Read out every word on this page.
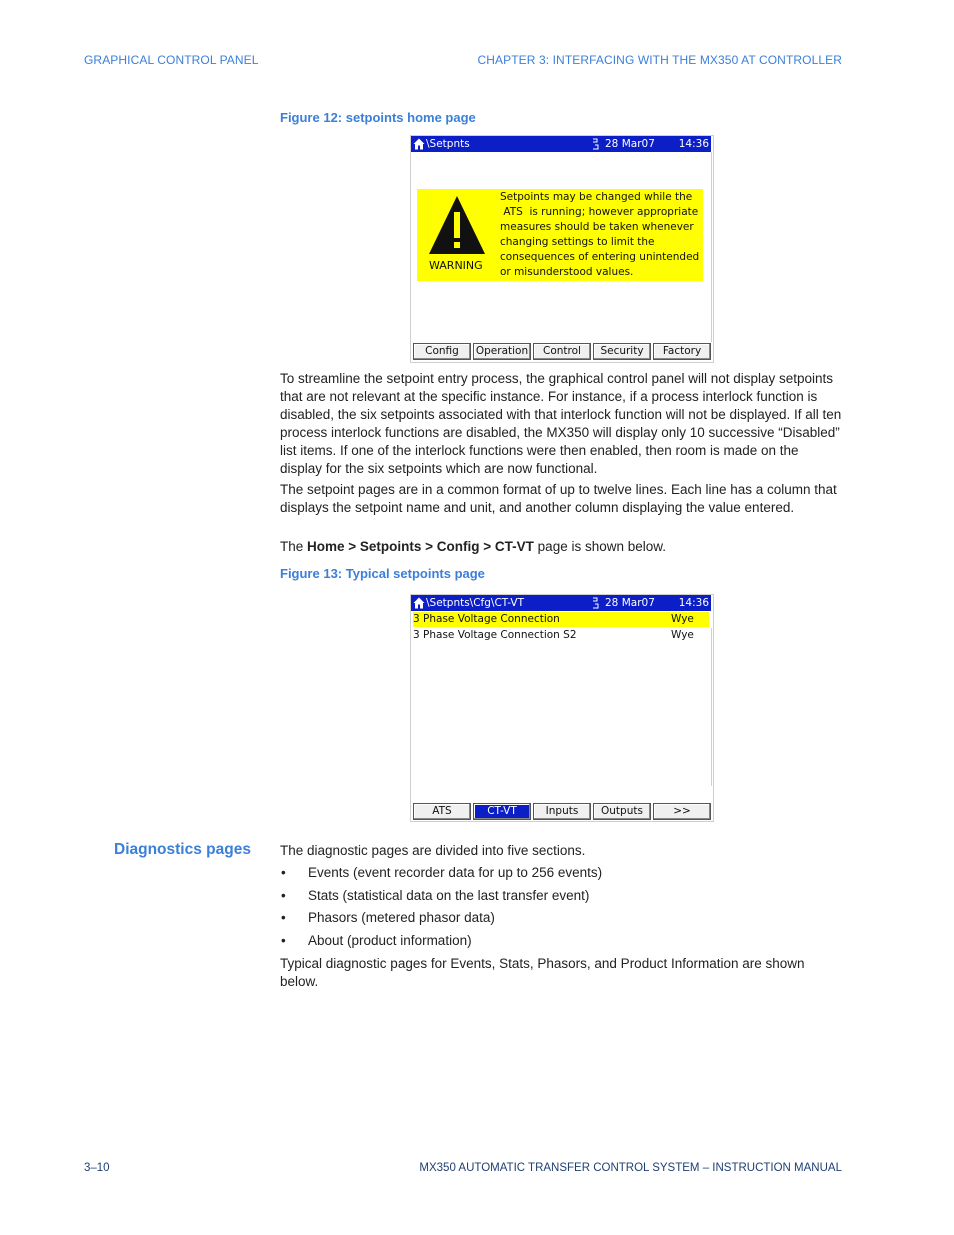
GRAPHICAL CONTROL PANEL	CHAPTER 3: INTERFACING WITH THE MX350 AT CONTROLLER
Figure 12: setpoints home page
\Setpnts	28 Mar07 14:36
WARNING
Setpoints may be changed while the
ATS  is running; however appropriate
measures should be taken whenever
changing settings to limit the
consequences of entering unintended
or misunderstood values.
Config	Operation	Control	Security	Factory

To streamline the setpoint entry process, the graphical control panel will not display setpoints that are not relevant at the specific instance. For instance, if a process interlock function is disabled, the six setpoints associated with that interlock function will not be displayed. If all ten process interlock functions are disabled, the MX350 will display only 10 successive “Disabled” list items. If one of the interlock functions were then enabled, then room is made on the display for the six setpoints which are now functional.

The setpoint pages are in a common format of up to twelve lines. Each line has a column that displays the setpoint name and unit, and another column displaying the value entered.

The Home > Setpoints > Config > CT-VT page is shown below.

Figure 13: Typical setpoints page
\Setpnts\Cfg\CT-VT	28 Mar07 14:36
3 Phase Voltage Connection	Wye
3 Phase Voltage Connection S2	Wye
ATS	CT-VT	Inputs	Outputs	>>
Diagnostics pages The diagnostic pages are divided into five sections.

• Events (event recorder data for up to 256 events)
• Stats (statistical data on the last transfer event)
• Phasors (metered phasor data)
• About (product information)

Typical diagnostic pages for Events, Stats, Phasors, and Product Information are shown below.

3–10	MX350 AUTOMATIC TRANSFER CONTROL SYSTEM – INSTRUCTION MANUAL
